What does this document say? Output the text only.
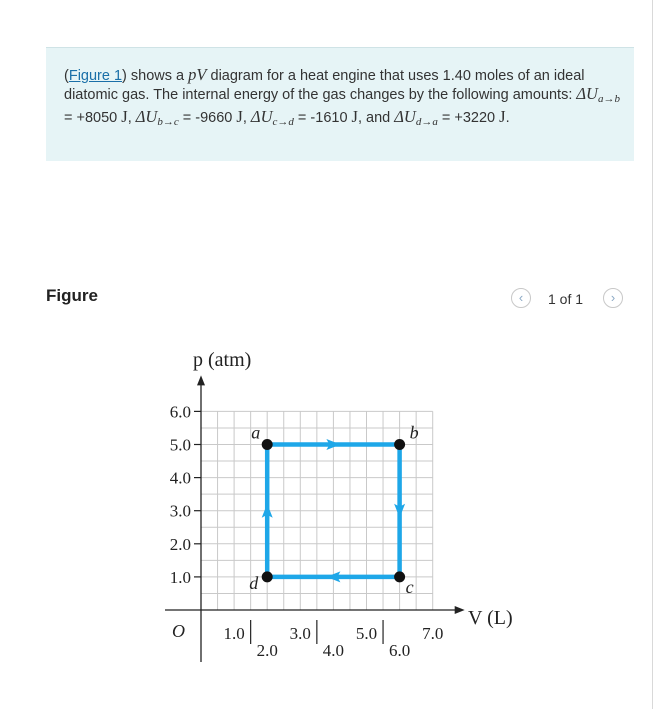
(Figure 1) shows a pV diagram for a heat engine that uses 1.40 moles of an ideal diatomic gas. The internal energy of the gas changes by the following amounts: $\Delta U_{a\to b} = +8050$ J, $\Delta U_{b\to c} = -9660$ J, $\Delta U_{c\to d} = -1610$ J, and $\Delta U_{d\to a} = +3220$ J.
Figure	‹	1 of 1	›
p (atm)
V (L)
O
1.0
2.0
3.0
4.0
5.0
6.0
1.0
2.0
3.0
4.0
5.0
6.0
7.0
a	b
c
d
